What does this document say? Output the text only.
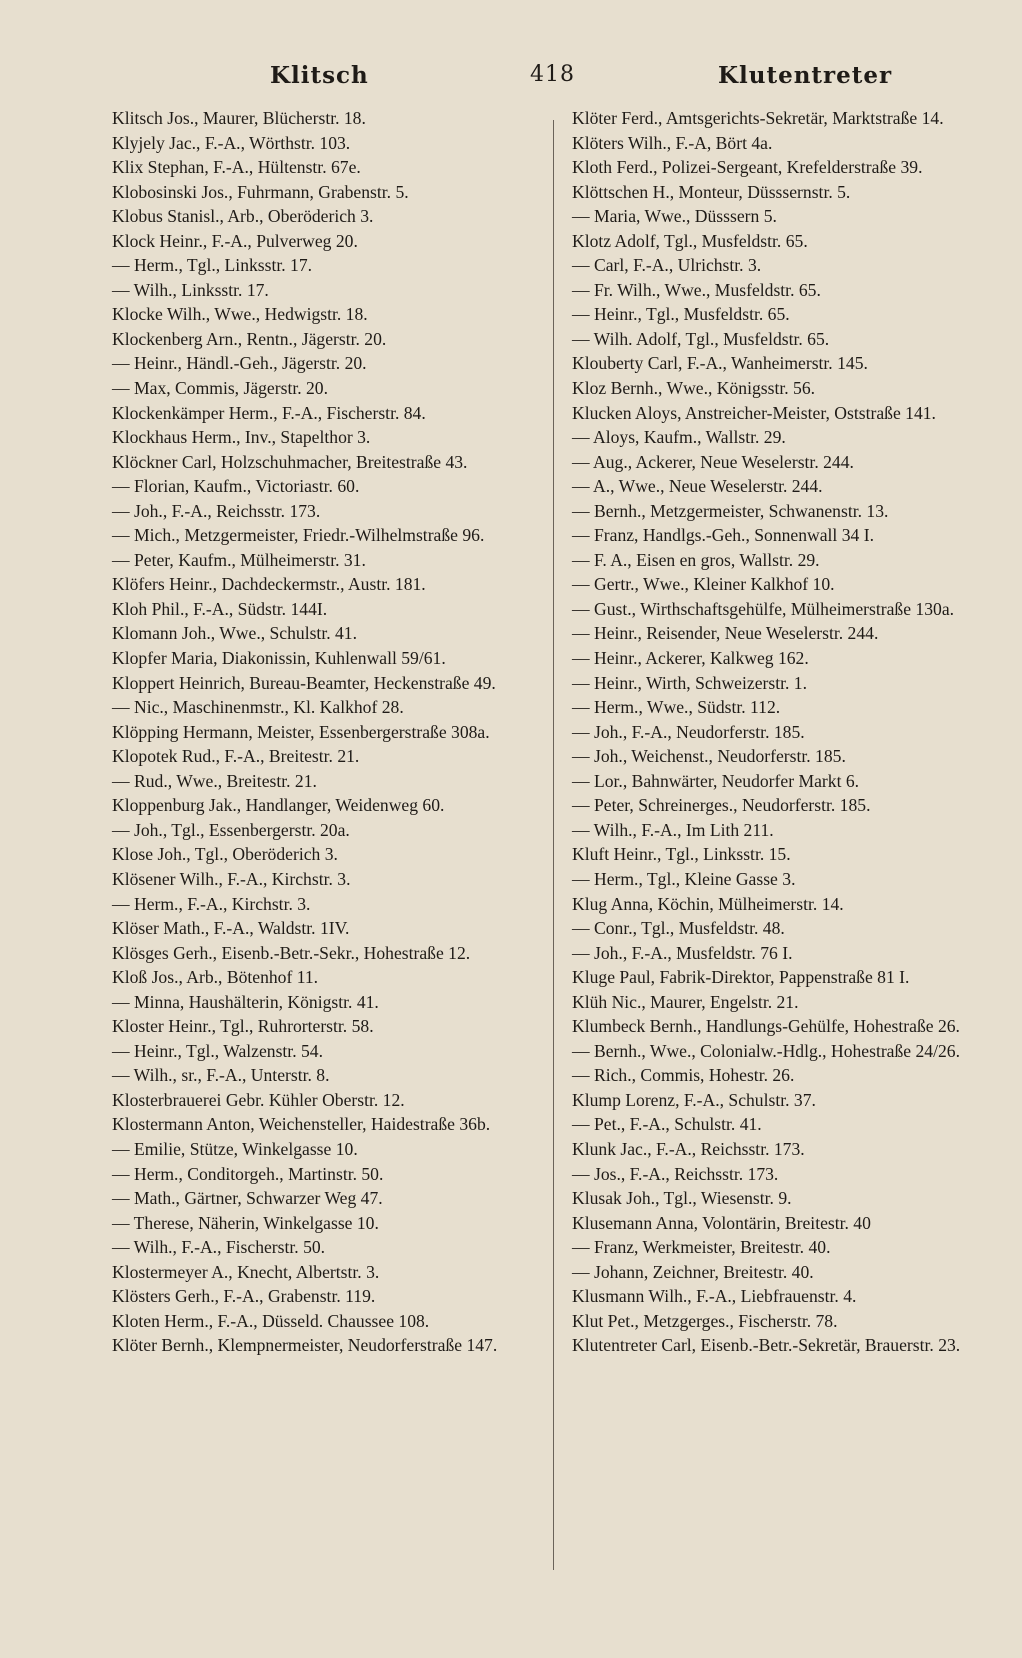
Klitsch	418	Klutentreter
Klitsch Jos., Maurer, Blücherstr. 18.
Klyjely Jac., F.-A., Wörthstr. 103.
Klix Stephan, F.-A., Hültenstr. 67e.
Klobosinski Jos., Fuhrmann, Grabenstr. 5.
Klobus Stanisl., Arb., Oberöderich 3.
Klock Heinr., F.-A., Pulverweg 20.
— Herm., Tgl., Linksstr. 17.
— Wilh., Linksstr. 17.
Klocke Wilh., Wwe., Hedwigstr. 18.
Klockenberg Arn., Rentn., Jägerstr. 20.
— Heinr., Händl.-Geh., Jägerstr. 20.
— Max, Commis, Jägerstr. 20.
Klockenkämper Herm., F.-A., Fischerstr. 84.
Klockhaus Herm., Inv., Stapelthor 3.
Klöckner Carl, Holzschuhmacher, Breitestraße 43.
— Florian, Kaufm., Victoriastr. 60.
— Joh., F.-A., Reichsstr. 173.
— Mich., Metzgermeister, Friedr.-Wilhelmstraße 96.
— Peter, Kaufm., Mülheimerstr. 31.
Klöfers Heinr., Dachdeckermstr., Austr. 181.
Kloh Phil., F.-A., Südstr. 144I.
Klomann Joh., Wwe., Schulstr. 41.
Klopfer Maria, Diakonissin, Kuhlenwall 59/61.
Kloppert Heinrich, Bureau-Beamter, Heckenstraße 49.
— Nic., Maschinenmstr., Kl. Kalkhof 28.
Klöpping Hermann, Meister, Essenbergerstraße 308a.
Klopotek Rud., F.-A., Breitestr. 21.
— Rud., Wwe., Breitestr. 21.
Kloppenburg Jak., Handlanger, Weidenweg 60.
— Joh., Tgl., Essenbergerstr. 20a.
Klose Joh., Tgl., Oberöderich 3.
Klösener Wilh., F.-A., Kirchstr. 3.
— Herm., F.-A., Kirchstr. 3.
Klöser Math., F.-A., Waldstr. 1IV.
Klösges Gerh., Eisenb.-Betr.-Sekr., Hohestraße 12.
Kloß Jos., Arb., Bötenhof 11.
— Minna, Haushälterin, Königstr. 41.
Kloster Heinr., Tgl., Ruhrorterstr. 58.
— Heinr., Tgl., Walzenstr. 54.
— Wilh., sr., F.-A., Unterstr. 8.
Klosterbrauerei Gebr. Kühler Oberstr. 12.
Klostermann Anton, Weichensteller, Haidestraße 36b.
— Emilie, Stütze, Winkelgasse 10.
— Herm., Conditorgeh., Martinstr. 50.
— Math., Gärtner, Schwarzer Weg 47.
— Therese, Näherin, Winkelgasse 10.
— Wilh., F.-A., Fischerstr. 50.
Klostermeyer A., Knecht, Albertstr. 3.
Klösters Gerh., F.-A., Grabenstr. 119.
Kloten Herm., F.-A., Düsseld. Chaussee 108.
Klöter Bernh., Klempnermeister, Neudorferstraße 147.
Klöter Ferd., Amtsgerichts-Sekretär, Marktstraße 14.
Klöters Wilh., F.-A, Bört 4a.
Kloth Ferd., Polizei-Sergeant, Krefelderstraße 39.
Klöttschen H., Monteur, Düsssernstr. 5.
— Maria, Wwe., Düsssern 5.
Klotz Adolf, Tgl., Musfeldstr. 65.
— Carl, F.-A., Ulrichstr. 3.
— Fr. Wilh., Wwe., Musfeldstr. 65.
— Heinr., Tgl., Musfeldstr. 65.
— Wilh. Adolf, Tgl., Musfeldstr. 65.
Klouberty Carl, F.-A., Wanheimerstr. 145.
Kloz Bernh., Wwe., Königsstr. 56.
Klucken Aloys, Anstreicher-Meister, Oststraße 141.
— Aloys, Kaufm., Wallstr. 29.
— Aug., Ackerer, Neue Weselerstr. 244.
— A., Wwe., Neue Weselerstr. 244.
— Bernh., Metzgermeister, Schwanenstr. 13.
— Franz, Handlgs.-Geh., Sonnenwall 34 I.
— F. A., Eisen en gros, Wallstr. 29.
— Gertr., Wwe., Kleiner Kalkhof 10.
— Gust., Wirthschaftsgehülfe, Mülheimerstraße 130a.
— Heinr., Reisender, Neue Weselerstr. 244.
— Heinr., Ackerer, Kalkweg 162.
— Heinr., Wirth, Schweizerstr. 1.
— Herm., Wwe., Südstr. 112.
— Joh., F.-A., Neudorferstr. 185.
— Joh., Weichenst., Neudorferstr. 185.
— Lor., Bahnwärter, Neudorfer Markt 6.
— Peter, Schreinerges., Neudorferstr. 185.
— Wilh., F.-A., Im Lith 211.
Kluft Heinr., Tgl., Linksstr. 15.
— Herm., Tgl., Kleine Gasse 3.
Klug Anna, Köchin, Mülheimerstr. 14.
— Conr., Tgl., Musfeldstr. 48.
— Joh., F.-A., Musfeldstr. 76 I.
Kluge Paul, Fabrik-Direktor, Pappenstraße 81 I.
Klüh Nic., Maurer, Engelstr. 21.
Klumbeck Bernh., Handlungs-Gehülfe, Hohestraße 26.
— Bernh., Wwe., Colonialw.-Hdlg., Hohestraße 24/26.
— Rich., Commis, Hohestr. 26.
Klump Lorenz, F.-A., Schulstr. 37.
— Pet., F.-A., Schulstr. 41.
Klunk Jac., F.-A., Reichsstr. 173.
— Jos., F.-A., Reichsstr. 173.
Klusak Joh., Tgl., Wiesenstr. 9.
Klusemann Anna, Volontärin, Breitestr. 40
— Franz, Werkmeister, Breitestr. 40.
— Johann, Zeichner, Breitestr. 40.
Klusmann Wilh., F.-A., Liebfrauenstr. 4.
Klut Pet., Metzgerges., Fischerstr. 78.
Klutentreter Carl, Eisenb.-Betr.-Sekretär, Brauerstr. 23.
